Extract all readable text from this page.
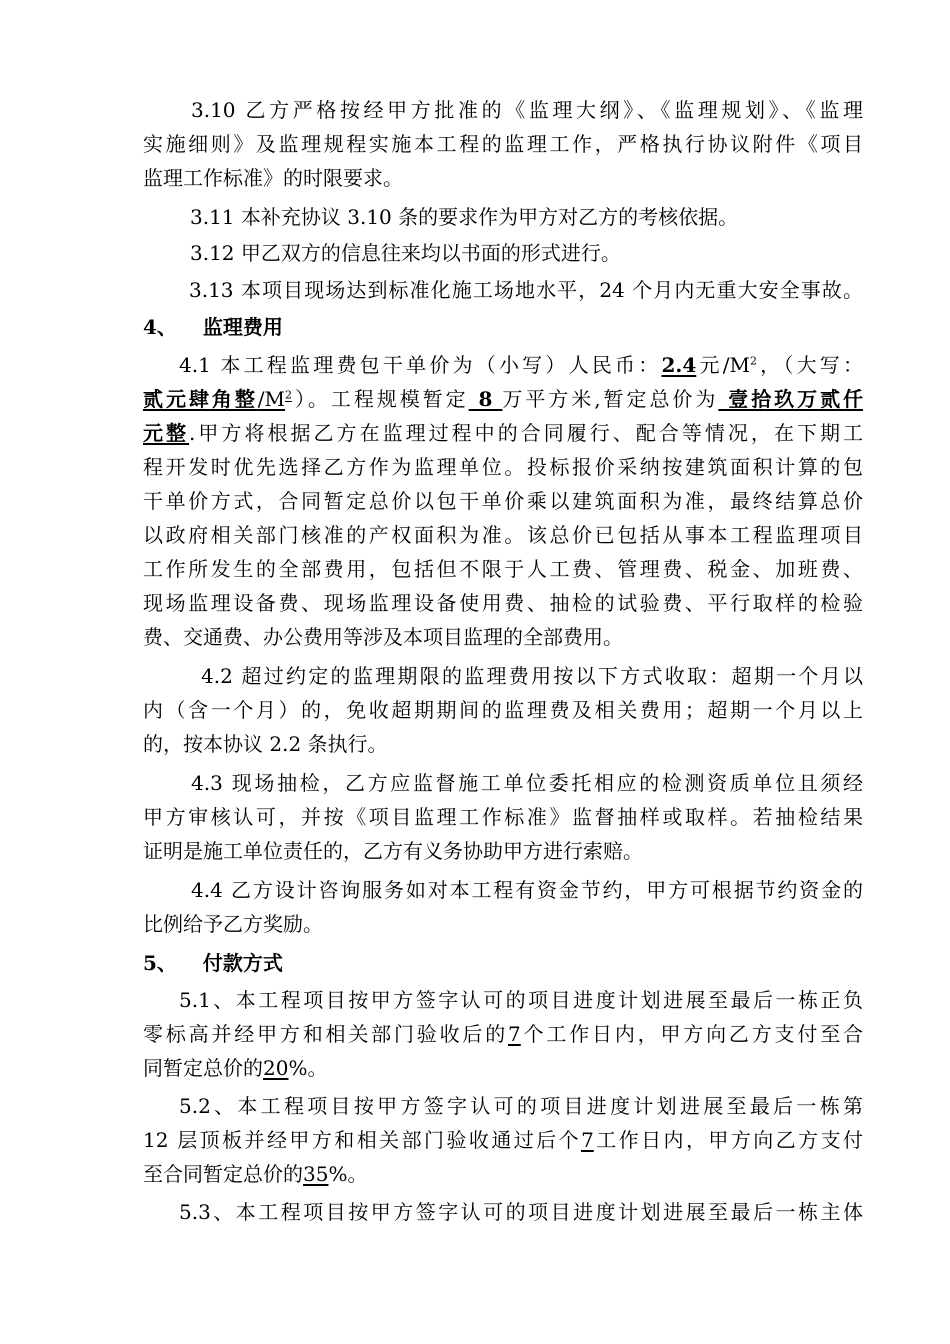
3.10 乙方严格按经甲方批准的《监理大纲》、《监理规划》、《监理
实施细则》及监理规程实施本工程的监理工作，严格执行协议附件《项目
监理工作标准》的时限要求。
3.11 本补充协议 3.10 条的要求作为甲方对乙方的考核依据。
3.12 甲乙双方的信息往来均以书面的形式进行。
3.13 本项目现场达到标准化施工场地水平，24 个月内无重大安全事故。
4、 监理费用
4.1 本工程监理费包干单价为（小写）人民币：2.4元$/M^2$，（大写：
贰元肆角整$/M^2$）。工程规模暂定 8 万平方米,暂定总价为 壹拾玖万贰仟
元整.甲方将根据乙方在监理过程中的合同履行、配合等情况，在下期工
程开发时优先选择乙方作为监理单位。投标报价采纳按建筑面积计算的包
干单价方式，合同暂定总价以包干单价乘以建筑面积为准，最终结算总价
以政府相关部门核准的产权面积为准。该总价已包括从事本工程监理项目
工作所发生的全部费用，包括但不限于人工费、管理费、税金、加班费、
现场监理设备费、现场监理设备使用费、抽检的试验费、平行取样的检验
费、交通费、办公费用等涉及本项目监理的全部费用。
4.2 超过约定的监理期限的监理费用按以下方式收取：超期一个月以
内（含一个月）的，免收超期期间的监理费及相关费用；超期一个月以上
的，按本协议 2.2 条执行。
4.3 现场抽检，乙方应监督施工单位委托相应的检测资质单位且须经
甲方审核认可，并按《项目监理工作标准》监督抽样或取样。若抽检结果
证明是施工单位责任的，乙方有义务协助甲方进行索赔。
4.4 乙方设计咨询服务如对本工程有资金节约，甲方可根据节约资金的
比例给予乙方奖励。
5、 付款方式
5.1、本工程项目按甲方签字认可的项目进度计划进展至最后一栋正负
零标高并经甲方和相关部门验收后的7个工作日内，甲方向乙方支付至合
同暂定总价的20%。
5.2、本工程项目按甲方签字认可的项目进度计划进展至最后一栋第
12 层顶板并经甲方和相关部门验收通过后个7工作日内，甲方向乙方支付
至合同暂定总价的35%。
5.3、本工程项目按甲方签字认可的项目进度计划进展至最后一栋主体
